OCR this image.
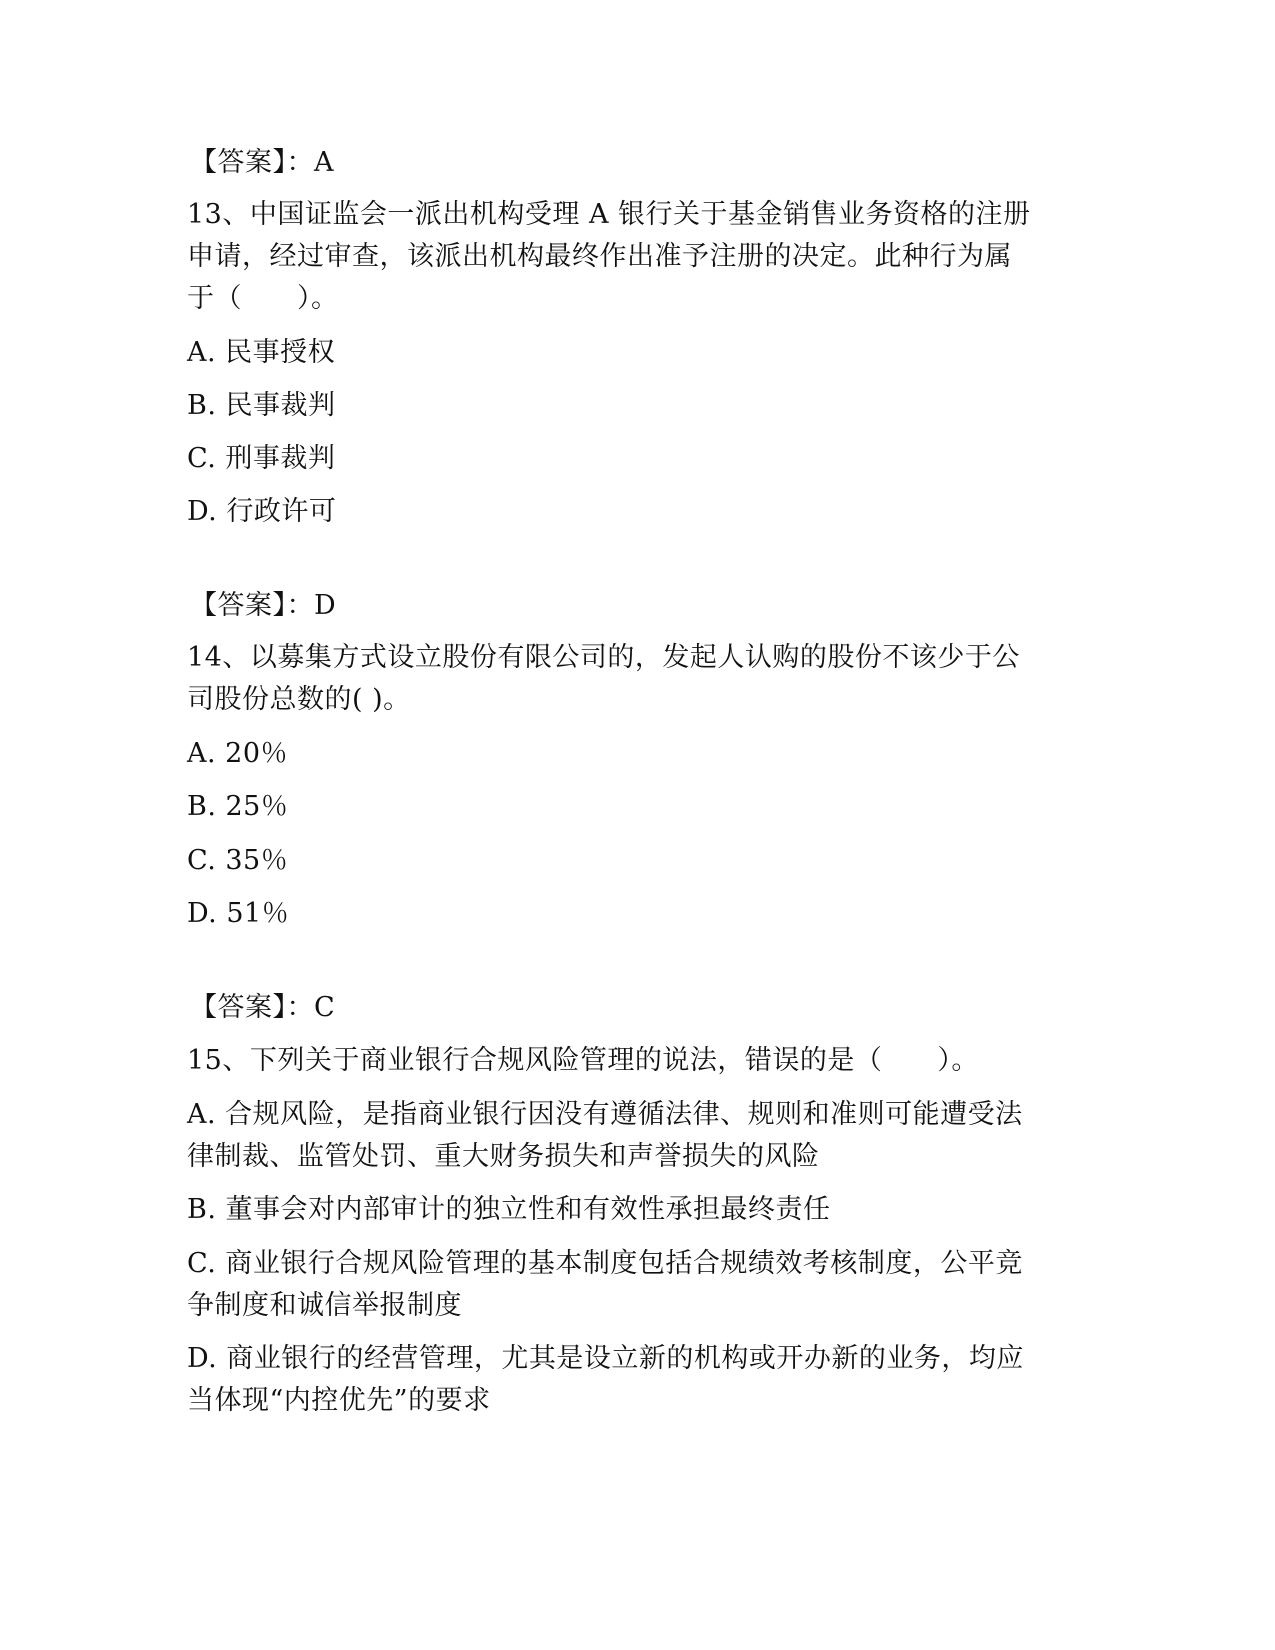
【答案】：A
13、中国证监会一派出机构受理 A 银行关于基金销售业务资格的注册
申请，经过审查，该派出机构最终作出准予注册的决定。此种行为属
于（　　）。
A. 民事授权
B. 民事裁判
C. 刑事裁判
D. 行政许可
【答案】：D
14、以募集方式设立股份有限公司的，发起人认购的股份不该少于公
司股份总数的( )。
A. 20％
B. 25％
C. 35％
D. 51％
【答案】：C
15、下列关于商业银行合规风险管理的说法，错误的是（　　）。
A. 合规风险，是指商业银行因没有遵循法律、规则和准则可能遭受法
律制裁、监管处罚、重大财务损失和声誉损失的风险
B. 董事会对内部审计的独立性和有效性承担最终责任
C. 商业银行合规风险管理的基本制度包括合规绩效考核制度，公平竞
争制度和诚信举报制度
D. 商业银行的经营管理，尤其是设立新的机构或开办新的业务，均应
当体现“内控优先”的要求
